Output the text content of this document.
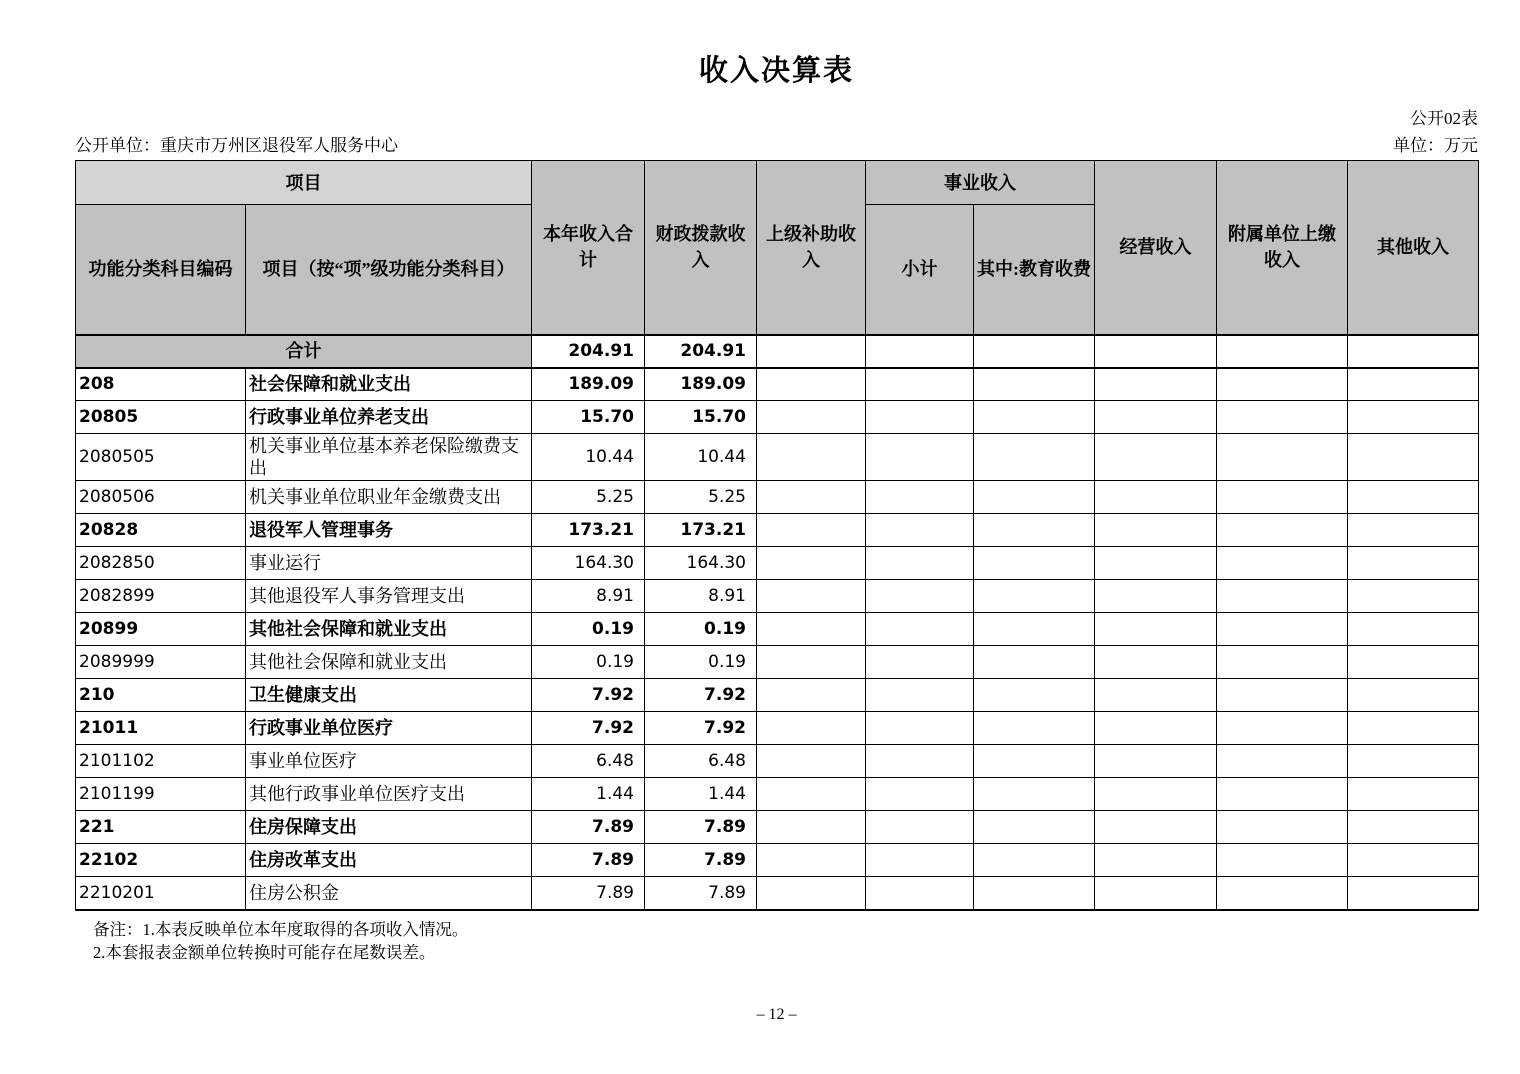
收入决算表
公开02表
公开单位：重庆市万州区退役军人服务中心	单位：万元
项目		本年收入合计	财政拨款收入	上级补助收入	事业收入		经营收入	附属单位上缴收入	其他收入
功能分类科目编码	项目（按“项”级功能分类科目）				小计	其中:教育收费			
合计		204.91	204.91						
208	社会保障和就业支出	189.09	189.09						
20805	行政事业单位养老支出	15.70	15.70						
2080505	机关事业单位基本养老保险缴费支出	10.44	10.44						
2080506	机关事业单位职业年金缴费支出	5.25	5.25						
20828	退役军人管理事务	173.21	173.21						
2082850	事业运行	164.30	164.30						
2082899	其他退役军人事务管理支出	8.91	8.91						
20899	其他社会保障和就业支出	0.19	0.19						
2089999	其他社会保障和就业支出	0.19	0.19						
210	卫生健康支出	7.92	7.92						
21011	行政事业单位医疗	7.92	7.92						
2101102	事业单位医疗	6.48	6.48						
2101199	其他行政事业单位医疗支出	1.44	1.44						
221	住房保障支出	7.89	7.89						
22102	住房改革支出	7.89	7.89						
2210201	住房公积金	7.89	7.89						
备注：1.本表反映单位本年度取得的各项收入情况。
2.本套报表金额单位转换时可能存在尾数误差。
– 12 –
